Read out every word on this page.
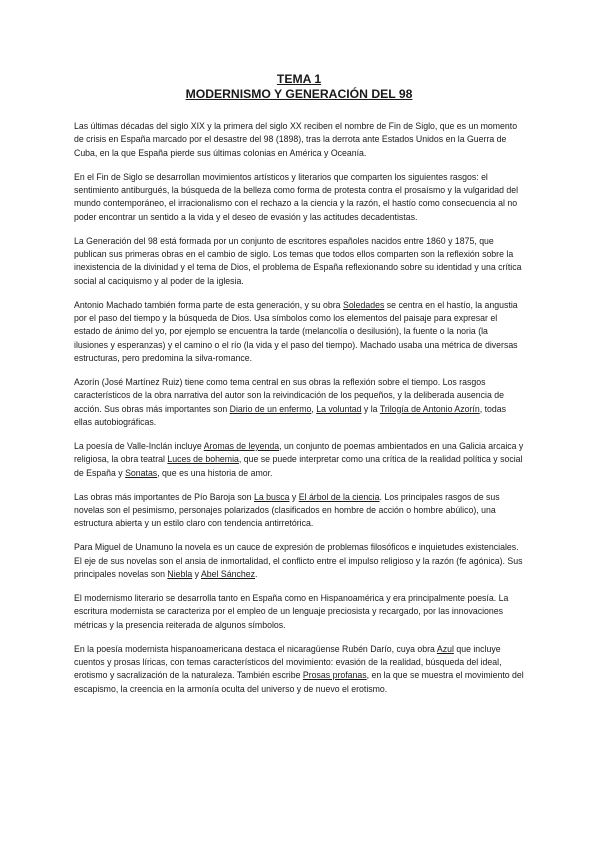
TEMA 1
MODERNISMO Y GENERACIÓN DEL 98

Las últimas décadas del siglo XIX y la primera del siglo XX reciben el nombre de Fin de Siglo, que es un momento de crisis en España marcado por el desastre del 98 (1898), tras la derrota ante Estados Unidos en la Guerra de Cuba, en la que España pierde sus últimas colonias en América y Oceanía.

En el Fin de Siglo se desarrollan movimientos artísticos y literarios que comparten los siguientes rasgos: el sentimiento antiburgués, la búsqueda de la belleza como forma de protesta contra el prosaísmo y la vulgaridad del mundo contemporáneo, el irracionalismo con el rechazo a la ciencia y la razón, el hastío como consecuencia al no poder encontrar un sentido a la vida y el deseo de evasión y las actitudes decadentistas.

La Generación del 98 está formada por un conjunto de escritores españoles nacidos entre 1860 y 1875, que publican sus primeras obras en el cambio de siglo. Los temas que todos ellos comparten son la reflexión sobre la inexistencia de la divinidad y el tema de Dios, el problema de España reflexionando sobre su identidad y una crítica social al caciquismo y al poder de la iglesia.

Antonio Machado también forma parte de esta generación, y su obra Soledades se centra en el hastío, la angustia por el paso del tiempo y la búsqueda de Dios. Usa símbolos como los elementos del paisaje para expresar el estado de ánimo del yo, por ejemplo se encuentra la tarde (melancolía o desilusión), la fuente o la noria (la ilusiones y esperanzas) y el camino o el río (la vida y el paso del tiempo). Machado usaba una métrica de diversas estructuras, pero predomina la silva-romance.

Azorín (José Martínez Ruiz) tiene como tema central en sus obras la reflexión sobre el tiempo. Los rasgos característicos de la obra narrativa del autor son la reivindicación de los pequeños, y la deliberada ausencia de acción. Sus obras más importantes son Diario de un enfermo, La voluntad y la Trilogía de Antonio Azorín, todas ellas autobiográficas.

La poesía de Valle-Inclán incluye Aromas de leyenda, un conjunto de poemas ambientados en una Galicia arcaica y religiosa, la obra teatral Luces de bohemia, que se puede interpretar como una crítica de la realidad política y social de España y Sonatas, que es una historia de amor.

Las obras más importantes de Pío Baroja son La busca y El árbol de la ciencia. Los principales rasgos de sus novelas son el pesimismo, personajes polarizados (clasificados en hombre de acción o hombre abúlico), una estructura abierta y un estilo claro con tendencia antirretórica.

Para Miguel de Unamuno la novela es un cauce de expresión de problemas filosóficos e inquietudes existenciales. El eje de sus novelas son el ansia de inmortalidad, el conflicto entre el impulso religioso y la razón (fe agónica). Sus principales novelas son Niebla y Abel Sánchez.

El modernismo literario se desarrolla tanto en España como en Hispanoamérica y era principalmente poesía. La escritura modernista se caracteriza por el empleo de un lenguaje preciosista y recargado, por las innovaciones métricas y la presencia reiterada de algunos símbolos.

En la poesía modernista hispanoamericana destaca el nicaragüense Rubén Darío, cuya obra Azul que incluye cuentos y prosas líricas, con temas característicos del movimiento: evasión de la realidad, búsqueda del ideal, erotismo y sacralización de la naturaleza. También escribe Prosas profanas, en la que se muestra el movimiento del escapismo, la creencia en la armonía oculta del universo y de nuevo el erotismo.
